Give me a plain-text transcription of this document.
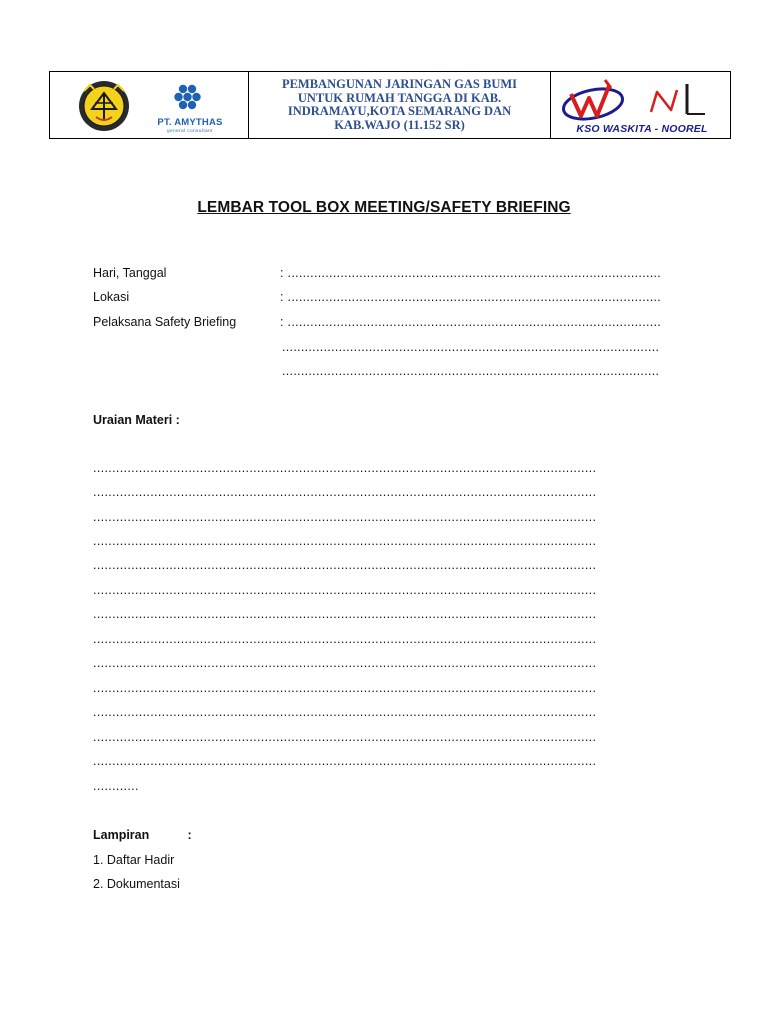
PT. AMYTHAS
general consultant
PEMBANGUNAN JARINGAN GAS BUMI
UNTUK RUMAH TANGGA DI KAB.
INDRAMAYU,KOTA SEMARANG DAN
KAB.WAJO (11.152 SR)	KSO WASKITA - NOOREL
LEMBAR TOOL BOX MEETING/SAFETY BRIEFING
Hari, Tanggal	: ...................................................................................................
Lokasi	: ...................................................................................................
Pelaksana Safety Briefing	: ...................................................................................................
....................................................................................................
....................................................................................................
Uraian Materi :
....................................................................................................................................
....................................................................................................................................
....................................................................................................................................
....................................................................................................................................
....................................................................................................................................
....................................................................................................................................
....................................................................................................................................
....................................................................................................................................
....................................................................................................................................
....................................................................................................................................
....................................................................................................................................
....................................................................................................................................
....................................................................................................................................
............
Lampiran           :
1. Daftar Hadir
2. Dokumentasi
